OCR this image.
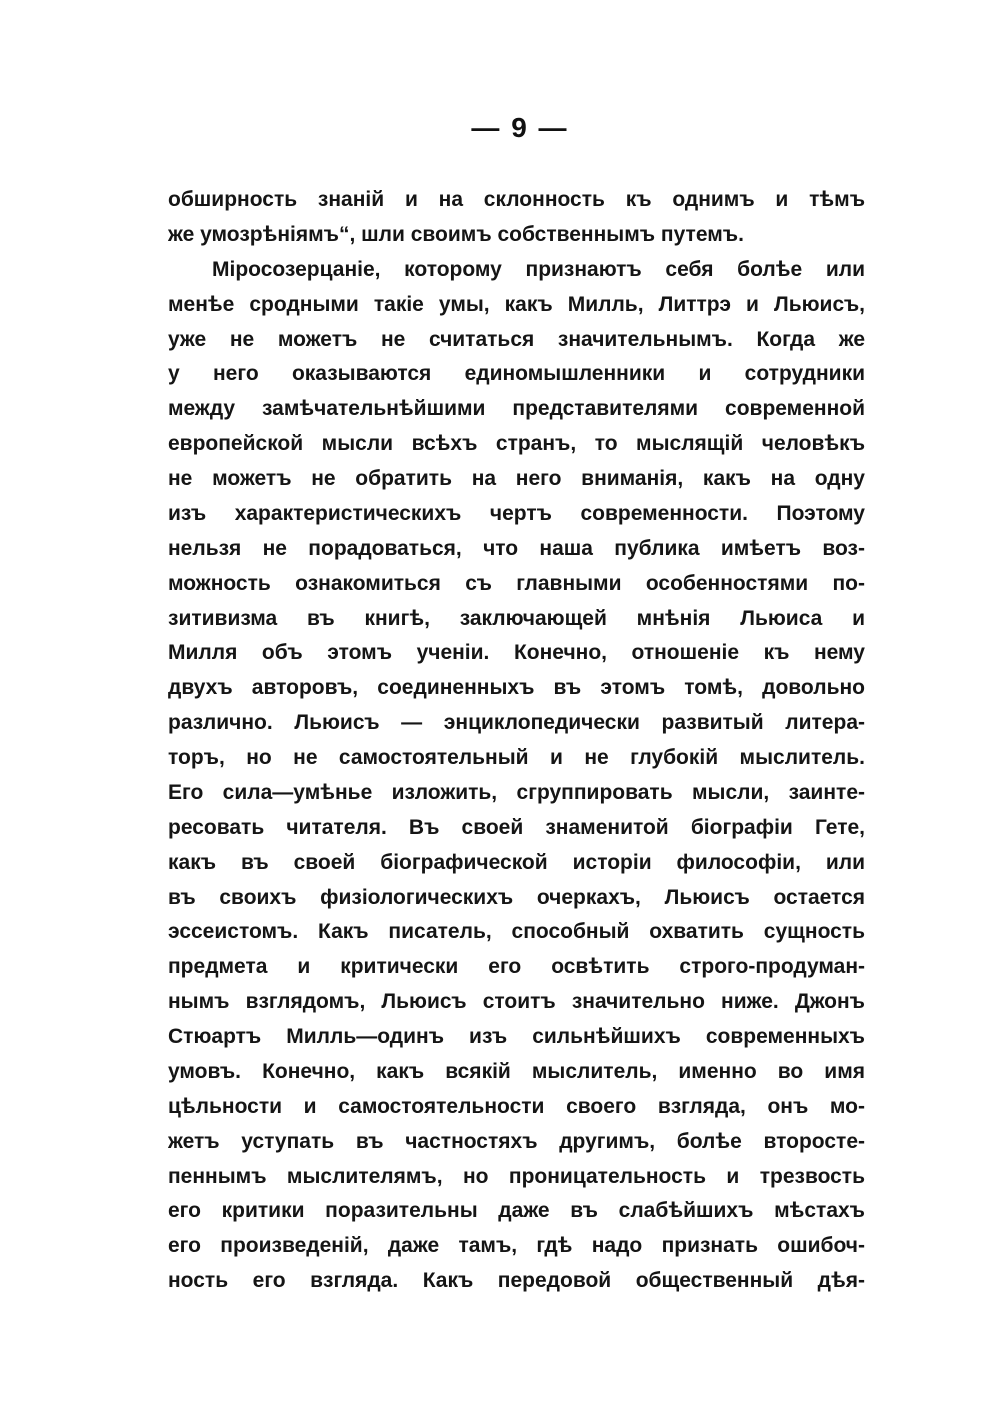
— 9 —
обширность знаній и на склонность къ однимъ и тѣмъ
же умозрѣніямъ“, шли своимъ собственнымъ путемъ.
Міросозерцаніе, которому признаютъ себя болѣе или
менѣе сродными такіе умы, какъ Милль, Литтрэ и Льюисъ,
уже не можетъ не считаться значительнымъ. Когда же
у него оказываются единомышленники и сотрудники
между замѣчательнѣйшими представителями современной
европейской мысли всѣхъ странъ, то мыслящій человѣкъ
не можетъ не обратить на него вниманія, какъ на одну
изъ характеристическихъ чертъ современности. Поэтому
нельзя не порадоваться, что наша публика имѣетъ воз-
можность ознакомиться съ главными особенностями по-
зитивизма въ книгѣ, заключающей мнѣнія Льюиса и
Милля объ этомъ ученіи. Конечно, отношеніе къ нему
двухъ авторовъ, соединенныхъ въ этомъ томѣ, довольно
различно. Льюисъ — энциклопедически развитый литера-
торъ, но не самостоятельный и не глубокій мыслитель.
Его сила—умѣнье изложить, сгруппировать мысли, заинте-
ресовать читателя. Въ своей знаменитой біографіи Гете,
какъ въ своей біографической исторіи философіи, или
въ своихъ физіологическихъ очеркахъ, Льюисъ остается
эссеистомъ. Какъ писатель, способный охватить сущность
предмета и критически его освѣтить строго-продуман-
нымъ взглядомъ, Льюисъ стоитъ значительно ниже. Джонъ
Стюартъ Милль—одинъ изъ сильнѣйшихъ современныхъ
умовъ. Конечно, какъ всякій мыслитель, именно во имя
цѣльности и самостоятельности своего взгляда, онъ мо-
жетъ уступать въ частностяхъ другимъ, болѣе второсте-
пеннымъ мыслителямъ, но проницательность и трезвость
его критики поразительны даже въ слабѣйшихъ мѣстахъ
его произведеній, даже тамъ, гдѣ надо признать ошибоч-
ность его взгляда. Какъ передовой общественный дѣя-
